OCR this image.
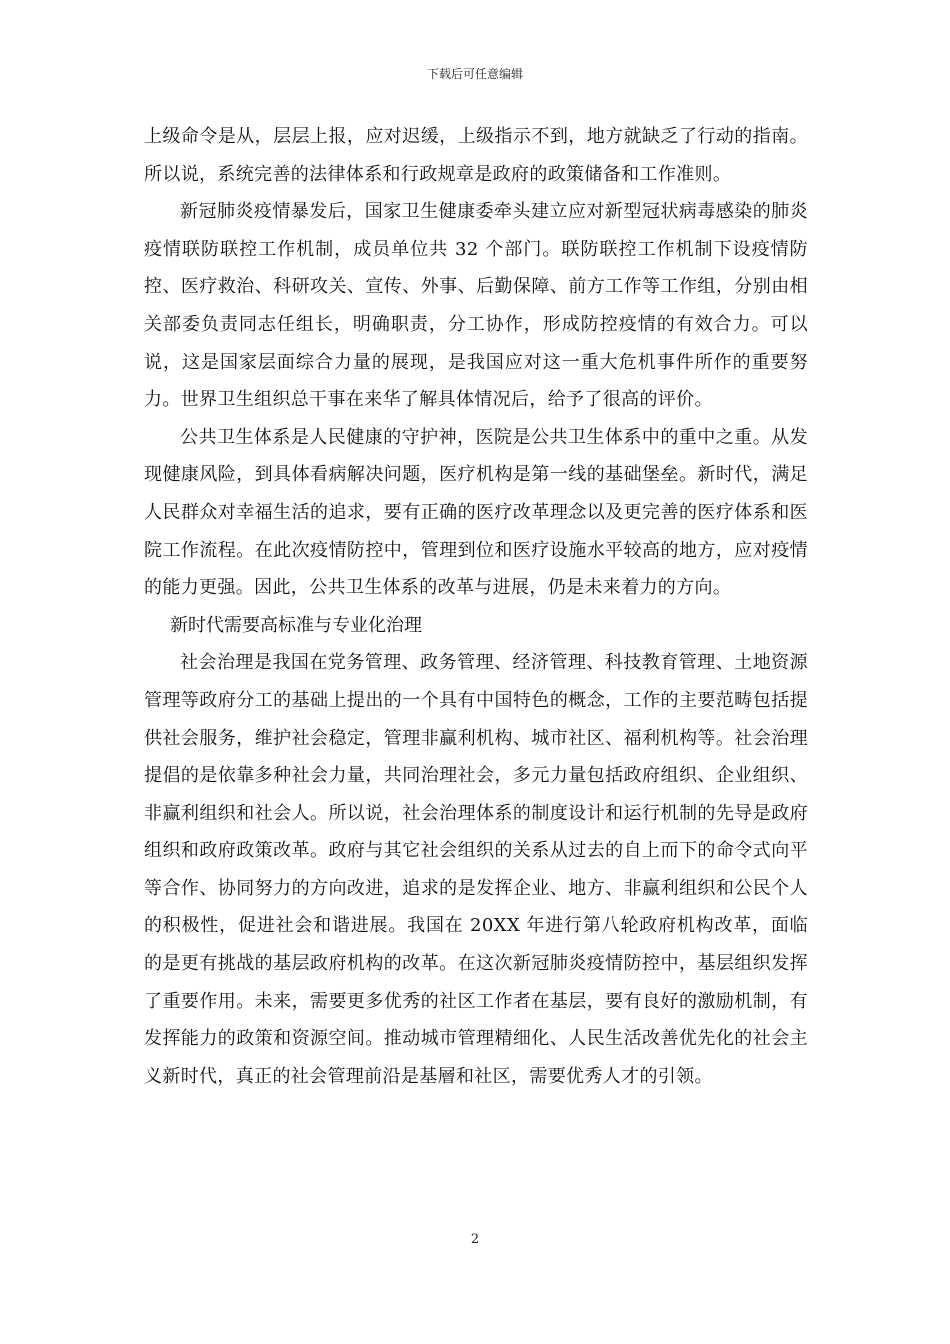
下载后可任意编辑

上级命令是从，层层上报，应对迟缓，上级指示不到，地方就缺乏了行动的指南。所以说，系统完善的法律体系和行政规章是政府的政策储备和工作准则。

新冠肺炎疫情暴发后，国家卫生健康委牵头建立应对新型冠状病毒感染的肺炎疫情联防联控工作机制，成员单位共 32 个部门。联防联控工作机制下设疫情防控、医疗救治、科研攻关、宣传、外事、后勤保障、前方工作等工作组，分别由相关部委负责同志任组长，明确职责，分工协作，形成防控疫情的有效合力。可以说，这是国家层面综合力量的展现，是我国应对这一重大危机事件所作的重要努力。世界卫生组织总干事在来华了解具体情况后，给予了很高的评价。

公共卫生体系是人民健康的守护神，医院是公共卫生体系中的重中之重。从发现健康风险，到具体看病解决问题，医疗机构是第一线的基础堡垒。新时代，满足人民群众对幸福生活的追求，要有正确的医疗改革理念以及更完善的医疗体系和医院工作流程。在此次疫情防控中，管理到位和医疗设施水平较高的地方，应对疫情的能力更强。因此，公共卫生体系的改革与进展，仍是未来着力的方向。

新时代需要高标准与专业化治理

社会治理是我国在党务管理、政务管理、经济管理、科技教育管理、土地资源管理等政府分工的基础上提出的一个具有中国特色的概念，工作的主要范畴包括提供社会服务，维护社会稳定，管理非赢利机构、城市社区、福利机构等。社会治理提倡的是依靠多种社会力量，共同治理社会，多元力量包括政府组织、企业组织、非赢利组织和社会人。所以说，社会治理体系的制度设计和运行机制的先导是政府组织和政府政策改革。政府与其它社会组织的关系从过去的自上而下的命令式向平等合作、协同努力的方向改进，追求的是发挥企业、地方、非赢利组织和公民个人的积极性，促进社会和谐进展。我国在 20XX 年进行第八轮政府机构改革，面临的是更有挑战的基层政府机构的改革。在这次新冠肺炎疫情防控中，基层组织发挥了重要作用。未来，需要更多优秀的社区工作者在基层，要有良好的激励机制，有发挥能力的政策和资源空间。推动城市管理精细化、人民生活改善优先化的社会主义新时代，真正的社会管理前沿是基層和社区，需要优秀人才的引领。

2
